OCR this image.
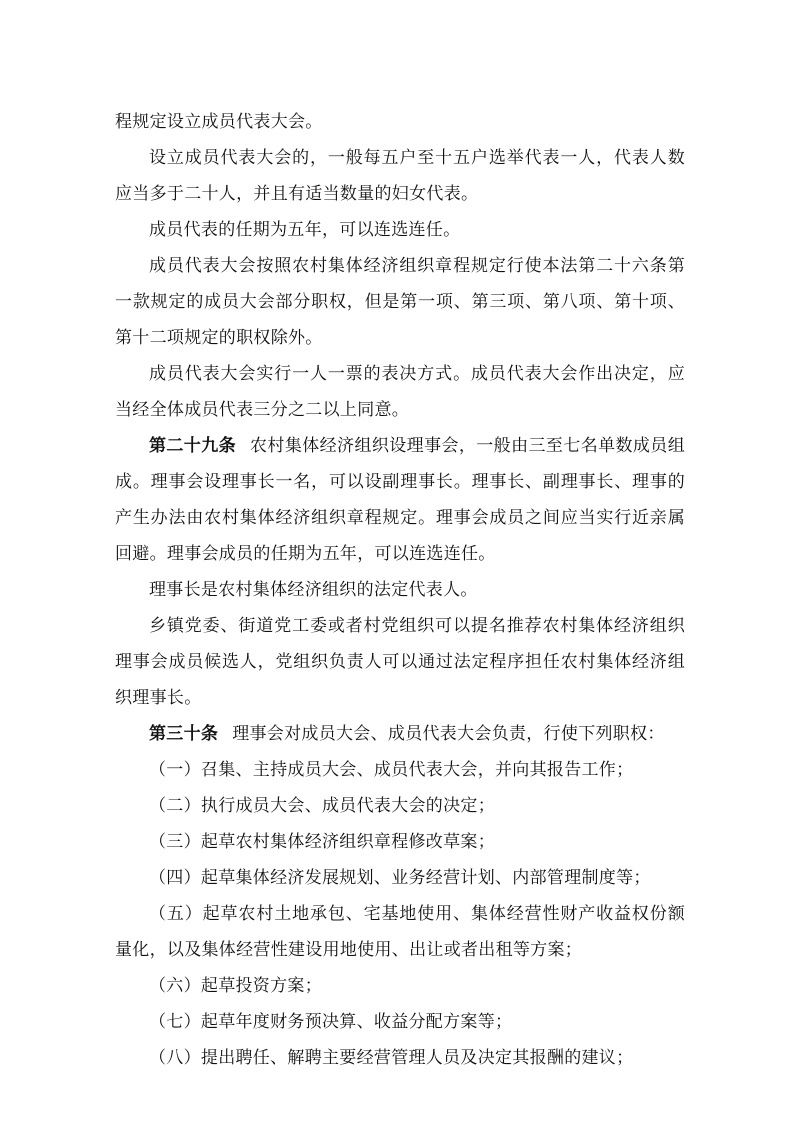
程规定设立成员代表大会。

设立成员代表大会的，一般每五户至十五户选举代表一人，代表人数应当多于二十人，并且有适当数量的妇女代表。

成员代表的任期为五年，可以连选连任。

成员代表大会按照农村集体经济组织章程规定行使本法第二十六条第一款规定的成员大会部分职权，但是第一项、第三项、第八项、第十项、第十二项规定的职权除外。

成员代表大会实行一人一票的表决方式。成员代表大会作出决定，应当经全体成员代表三分之二以上同意。

第二十九条 农村集体经济组织设理事会，一般由三至七名单数成员组成。理事会设理事长一名，可以设副理事长。理事长、副理事长、理事的产生办法由农村集体经济组织章程规定。理事会成员之间应当实行近亲属回避。理事会成员的任期为五年，可以连选连任。

理事长是农村集体经济组织的法定代表人。

乡镇党委、街道党工委或者村党组织可以提名推荐农村集体经济组织理事会成员候选人，党组织负责人可以通过法定程序担任农村集体经济组织理事长。

第三十条 理事会对成员大会、成员代表大会负责，行使下列职权：

（一）召集、主持成员大会、成员代表大会，并向其报告工作；

（二）执行成员大会、成员代表大会的决定；

（三）起草农村集体经济组织章程修改草案；

（四）起草集体经济发展规划、业务经营计划、内部管理制度等；

（五）起草农村土地承包、宅基地使用、集体经营性财产收益权份额量化，以及集体经营性建设用地使用、出让或者出租等方案；

（六）起草投资方案；

（七）起草年度财务预决算、收益分配方案等；

（八）提出聘任、解聘主要经营管理人员及决定其报酬的建议；
